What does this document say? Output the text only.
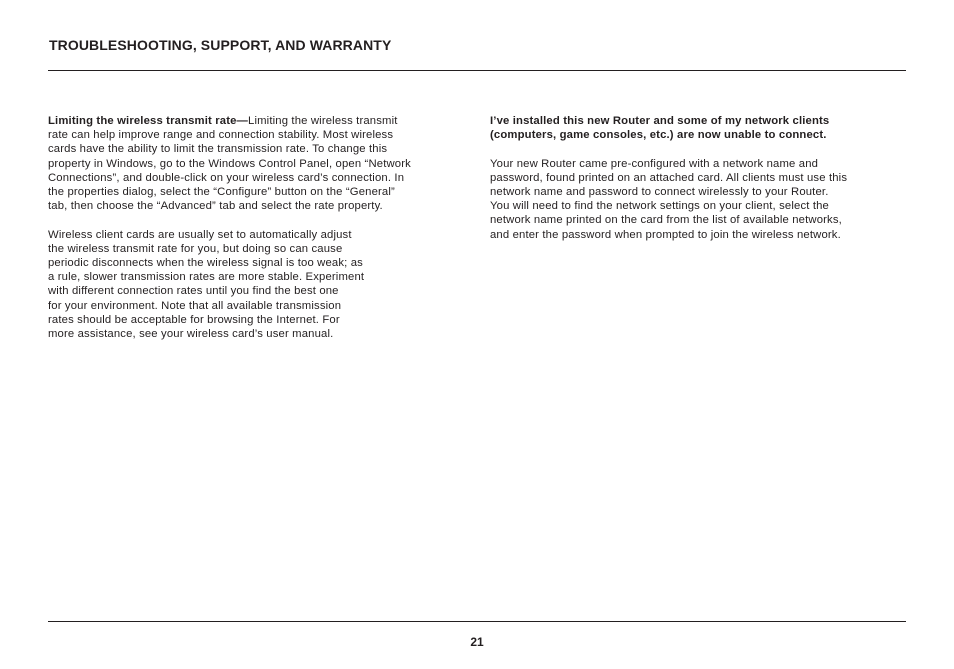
TROUBLESHOOTING, SUPPORT, AND WARRANTY

Limiting the wireless transmit rate—Limiting the wireless transmit
rate can help improve range and connection stability. Most wireless
cards have the ability to limit the transmission rate. To change this
property in Windows, go to the Windows Control Panel, open “Network
Connections”, and double-click on your wireless card’s connection. In
the properties dialog, select the “Configure” button on the “General”
tab, then choose the “Advanced” tab and select the rate property.

Wireless client cards are usually set to automatically adjust
the wireless transmit rate for you, but doing so can cause
periodic disconnects when the wireless signal is too weak; as
a rule, slower transmission rates are more stable. Experiment
with different connection rates until you find the best one
for your environment. Note that all available transmission
rates should be acceptable for browsing the Internet. For
more assistance, see your wireless card’s user manual.

I’ve installed this new Router and some of my network clients
(computers, game consoles, etc.) are now unable to connect.

Your new Router came pre-configured with a network name and
password, found printed on an attached card. All clients must use this
network name and password to connect wirelessly to your Router.
You will need to find the network settings on your client, select the
network name printed on the card from the list of available networks,
and enter the password when prompted to join the wireless network.

21
